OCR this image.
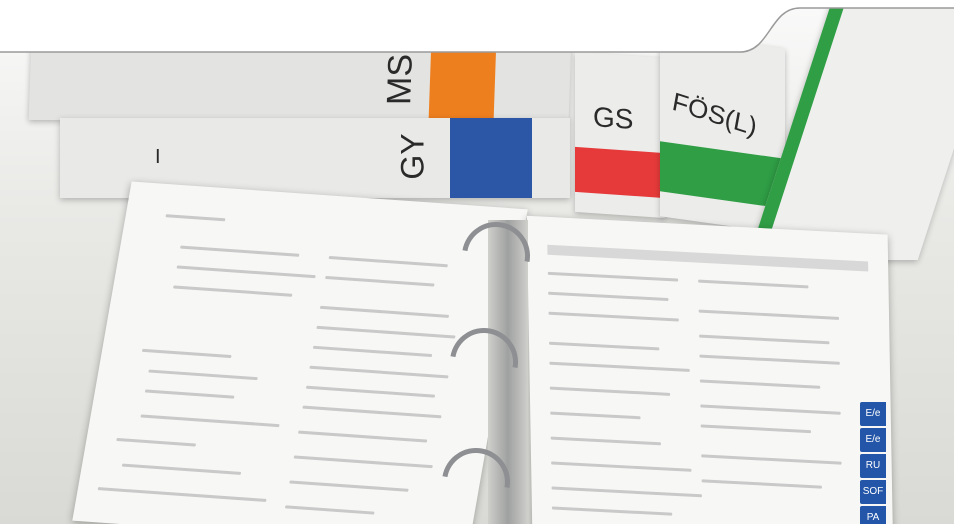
MS
GY
I
GS FÖS(L)
E/e
E/e
RU
SOF
PA
